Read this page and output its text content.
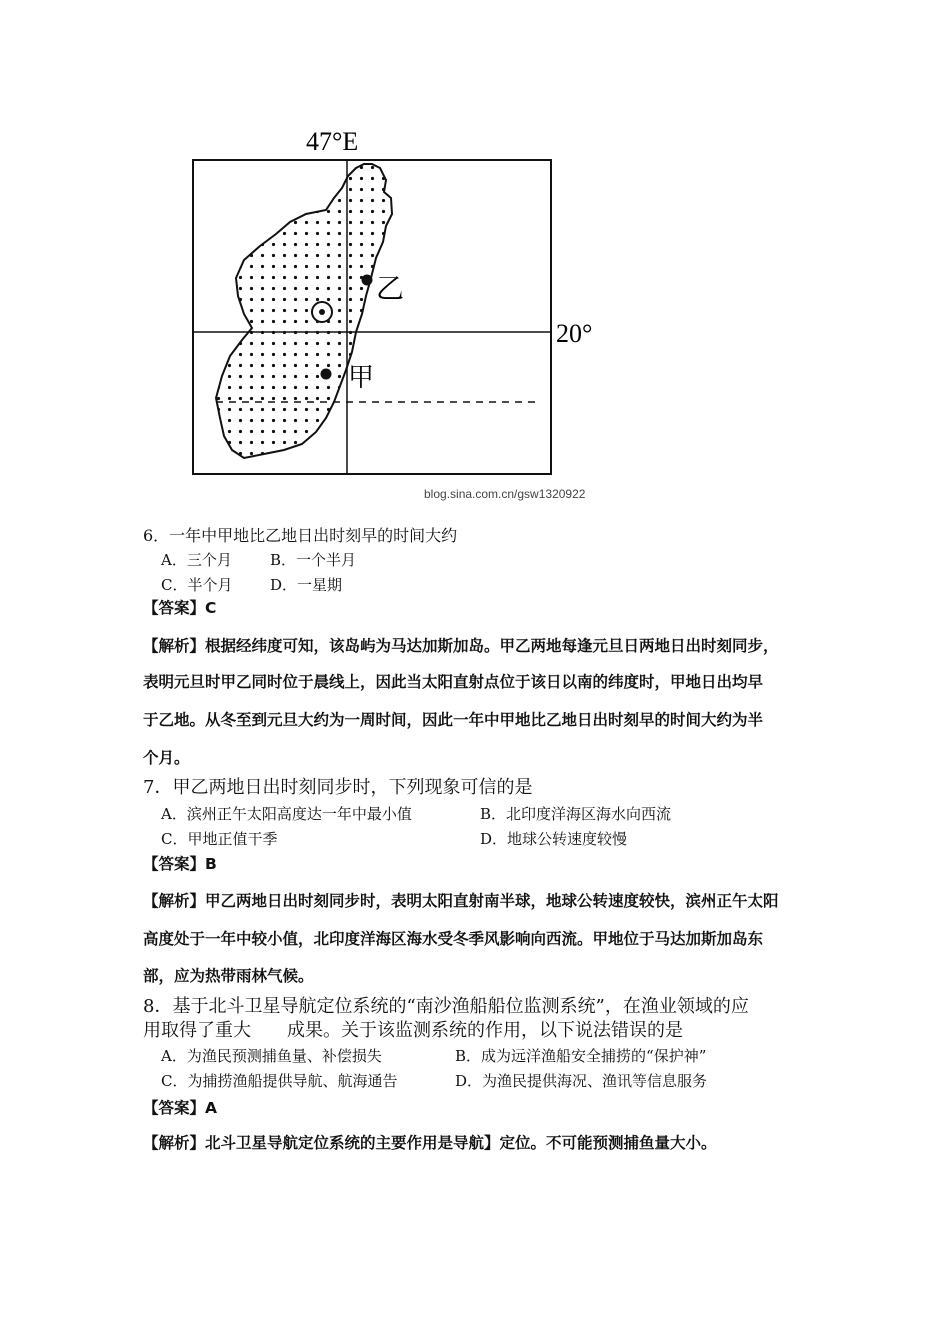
47°E
20°
乙
甲
blog.sina.com.cn/gsw1320922
6．一年中甲地比乙地日出时刻早的时间大约
A．三个月	B．一个半月
C．半个月	D．一星期
【答案】C
【解析】根据经纬度可知，该岛屿为马达加斯加岛。甲乙两地每逢元旦日两地日出时刻同步，
表明元旦时甲乙同时位于晨线上，因此当太阳直射点位于该日以南的纬度时，甲地日出均早
于乙地。从冬至到元旦大约为一周时间，因此一年中甲地比乙地日出时刻早的时间大约为半
个月。
7．甲乙两地日出时刻同步时，下列现象可信的是
A．滨州正午太阳高度达一年中最小值	B．北印度洋海区海水向西流
C．甲地正值干季	D．地球公转速度较慢
【答案】B
【解析】甲乙两地日出时刻同步时，表明太阳直射南半球，地球公转速度较快，滨州正午太阳
高度处于一年中较小值，北印度洋海区海水受冬季风影响向西流。甲地位于马达加斯加岛东
部，应为热带雨林气候。
8．基于北斗卫星导航定位系统的“南沙渔船船位监测系统”，在渔业领域的应
用取得了重大　　成果。关于该监测系统的作用，以下说法错误的是
A．为渔民预测捕鱼量、补偿损失	B．成为远洋渔船安全捕捞的“保护神”
C．为捕捞渔船提供导航、航海通告	D．为渔民提供海况、渔讯等信息服务
【答案】A
【解析】北斗卫星导航定位系统的主要作用是导航】定位。不可能预测捕鱼量大小。
